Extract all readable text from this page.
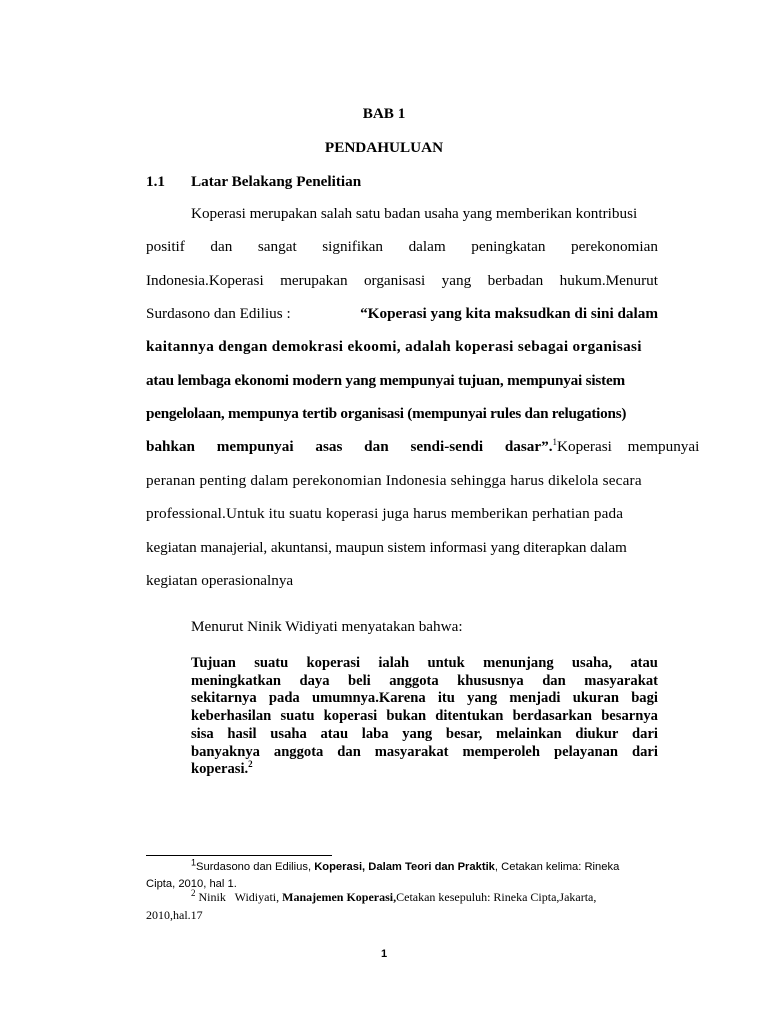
BAB 1
PENDAHULUAN
1.1 Latar Belakang Penelitian
Koperasi merupakan salah satu badan usaha yang memberikan kontribusi
positif dan sangat signifikan dalam peningkatan perekonomian
Indonesia.Koperasi merupakan organisasi yang berbadan hukum.Menurut
Surdasono dan Edilius :	“Koperasi yang kita maksudkan di sini dalam
kaitannya dengan demokrasi ekoomi, adalah koperasi sebagai organisasi
atau lembaga ekonomi modern yang mempunyai tujuan, mempunyai sistem
pengelolaan, mempunya tertib organisasi (mempunyai rules dan relugations)
bahkan mempunyai asas dan sendi-sendi dasar”. $^1$Koperasi mempunyai
peranan penting dalam perekonomian Indonesia sehingga harus dikelola secara
professional.Untuk itu suatu koperasi juga harus memberikan perhatian pada
kegiatan manajerial, akuntansi, maupun sistem informasi yang diterapkan dalam
kegiatan operasionalnya
Menurut Ninik Widiyati menyatakan bahwa:
Tujuan suatu koperasi ialah untuk menunjang usaha, atau
meningkatkan daya beli anggota khususnya dan masyarakat
sekitarnya pada umumnya.Karena itu yang menjadi ukuran bagi
keberhasilan suatu koperasi bukan ditentukan berdasarkan besarnya
sisa hasil usaha atau laba yang besar, melainkan diukur dari
banyaknya anggota dan masyarakat memperoleh pelayanan dari
koperasi.$^2$
$^1$Surdasono dan Edilius, Koperasi, Dalam Teori dan Praktik, Cetakan kelima: Rineka
Cipta, 2010, hal 1.
$^2$ Ninik   Widiyati, Manajemen Koperasi,Cetakan kesepuluh: Rineka Cipta,Jakarta,
2010,hal.17
1
